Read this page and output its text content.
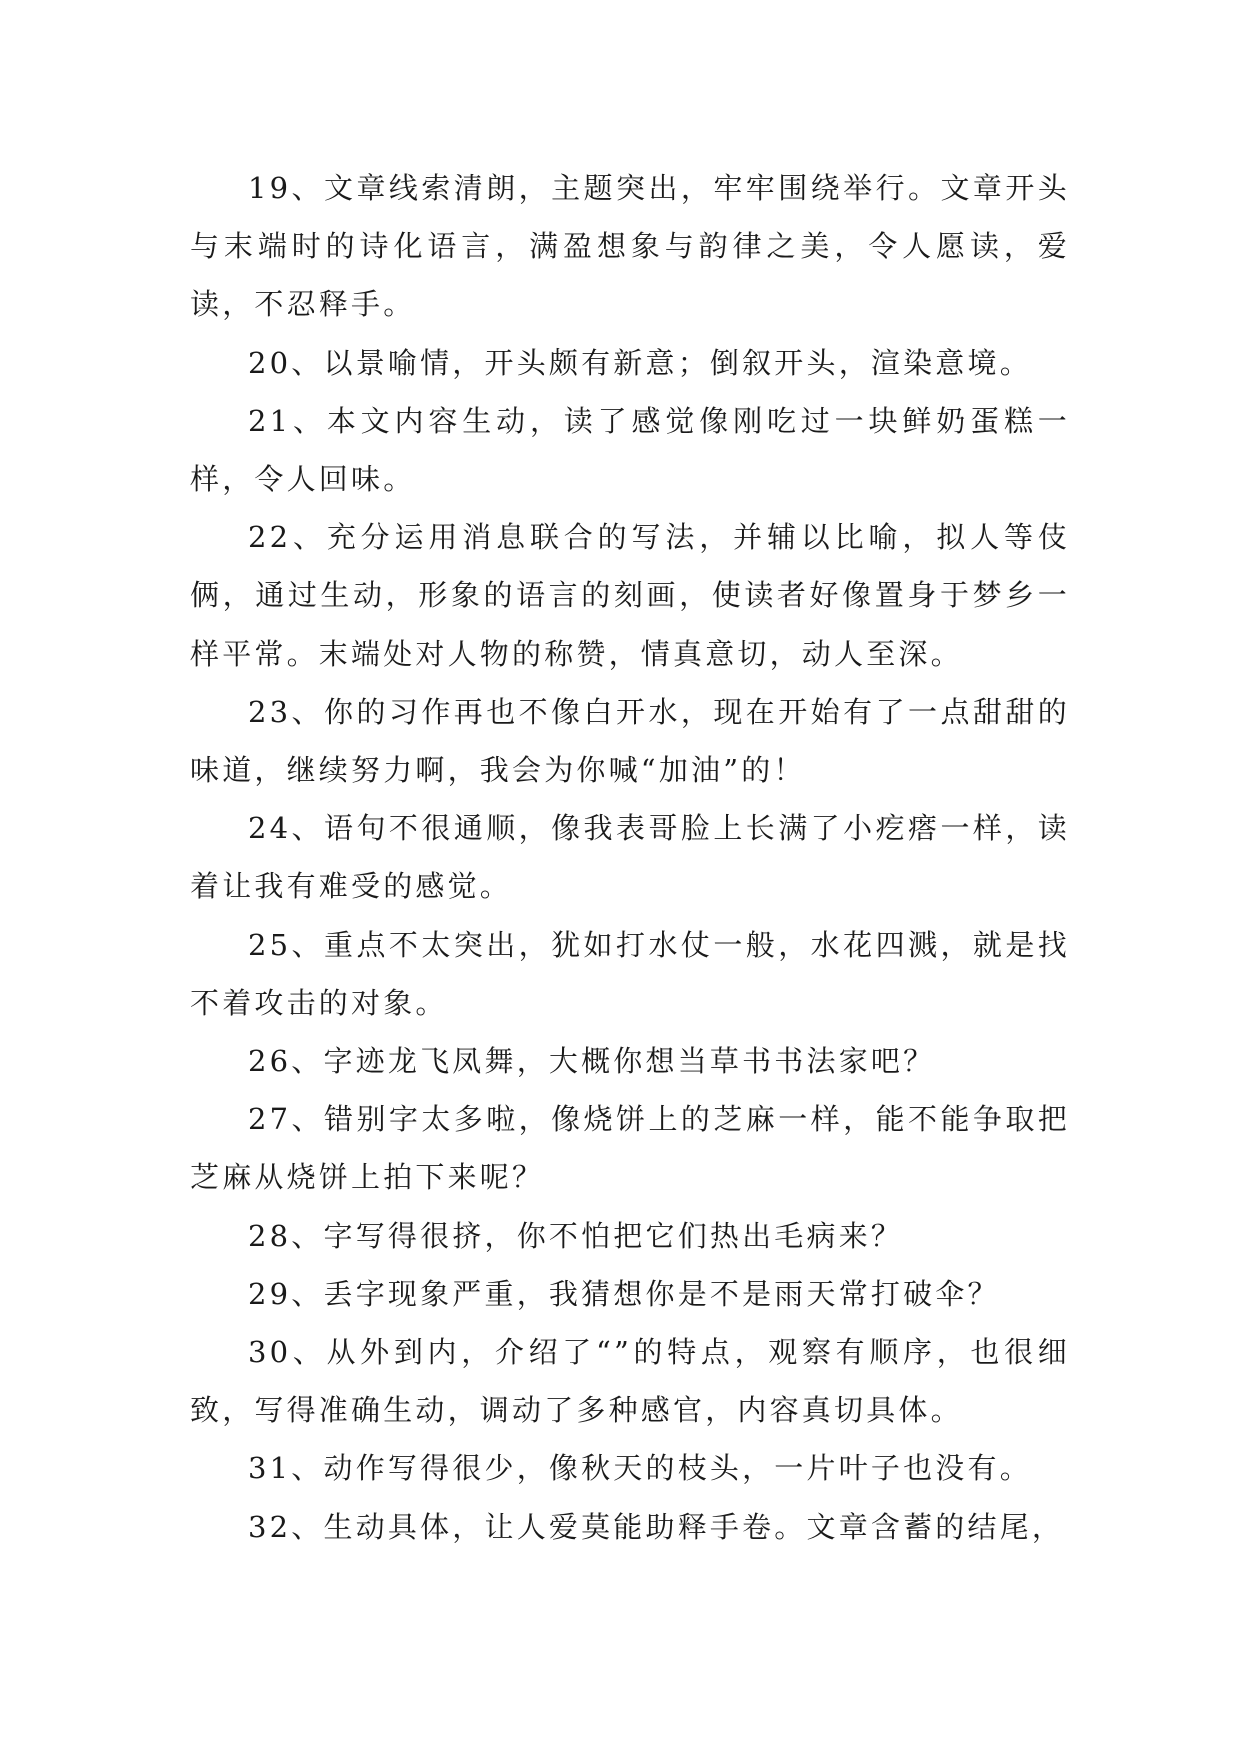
19、文章线索清朗，主题突出，牢牢围绕举行。文章开头与末端时的诗化语言，满盈想象与韵律之美，令人愿读，爱读，不忍释手。

20、以景喻情，开头颇有新意；倒叙开头，渲染意境。

21、本文内容生动，读了感觉像刚吃过一块鲜奶蛋糕一样，令人回味。

22、充分运用消息联合的写法，并辅以比喻，拟人等伎俩，通过生动，形象的语言的刻画，使读者好像置身于梦乡一样平常。末端处对人物的称赞，情真意切，动人至深。

23、你的习作再也不像白开水，现在开始有了一点甜甜的味道，继续努力啊，我会为你喊“加油”的！

24、语句不很通顺，像我表哥脸上长满了小疙瘩一样，读着让我有难受的感觉。

25、重点不太突出，犹如打水仗一般，水花四溅，就是找不着攻击的对象。

26、字迹龙飞凤舞，大概你想当草书书法家吧？

27、错别字太多啦，像烧饼上的芝麻一样，能不能争取把芝麻从烧饼上拍下来呢？

28、字写得很挤，你不怕把它们热出毛病来？

29、丢字现象严重，我猜想你是不是雨天常打破伞？

30、从外到内，介绍了“”的特点，观察有顺序，也很细致，写得准确生动，调动了多种感官，内容真切具体。

31、动作写得很少，像秋天的枝头，一片叶子也没有。

32、生动具体，让人爱莫能助释手卷。文章含蓄的结尾，
